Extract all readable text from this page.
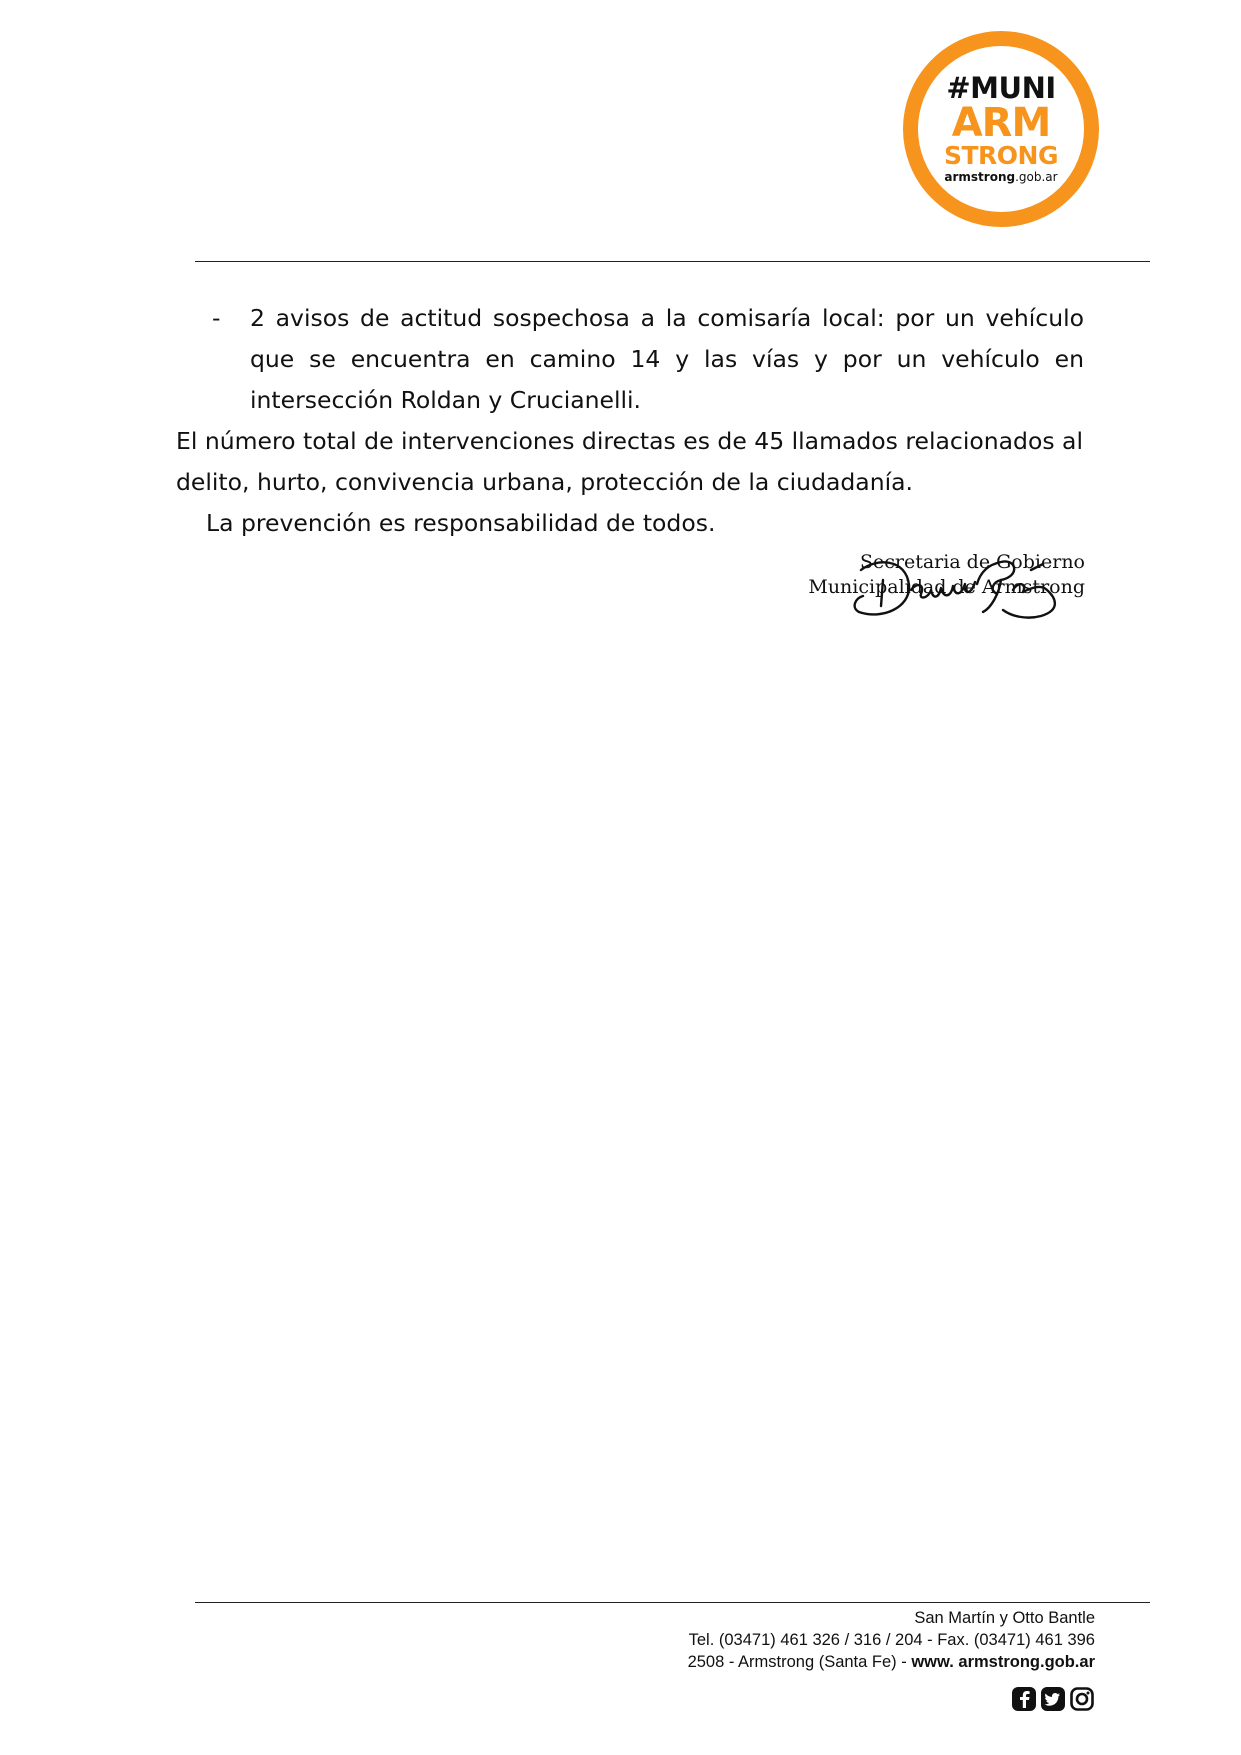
#MUNI
ARM
STRONG
armstrong.gob.ar
- 2 avisos de actitud sospechosa a la comisaría local: por un vehículo que se encuentra en camino 14 y las vías y por un vehículo en intersección Roldan y Crucianelli.

El número total de intervenciones directas es de 45 llamados relacionados al delito, hurto, convivencia urbana, protección de la ciudadanía.

La prevención es responsabilidad de todos.

Secretaria de Gobierno
Municipalidad de Armstrong
San Martín y Otto Bantle
Tel. (03471) 461 326 / 316 / 204 - Fax. (03471) 461 396
2508 - Armstrong (Santa Fe) - www. armstrong.gob.ar
